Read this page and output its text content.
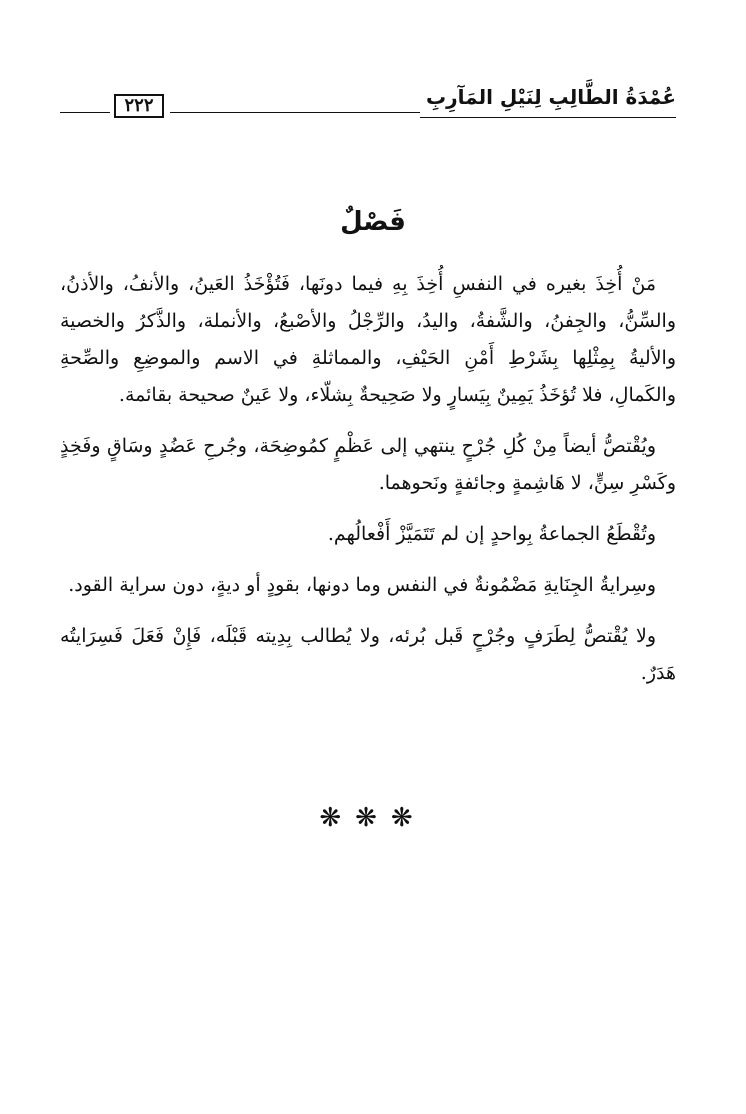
٢٢٢	عُمْدَةُ الطَّالِبِ لِنَيْلِ المَآرِبِ
فَصْلٌ

مَنْ أُخِذَ بغيره في النفسِ أُخِذَ بِهِ فيما دونَها، فَتُؤْخَذُ العَينُ، والأنفُ، والأذنُ، والسِّنُّ، والجِفنُ، والشَّفةُ، واليدُ، والرِّجْلُ والأصْبعُ، والأنملة، والذَّكرُ والخصية والأليةُ بِمِثْلِها بِشَرْطِ أَمْنِ الحَيْفِ، والمماثلةِ في الاسم والموضِعِ والصِّحةِ والكَمالِ، فلا تُؤخَذُ يَمِينٌ بِيَسارٍ ولا صَحِيحةٌ بِشلّاء، ولا عَينٌ صحيحة بقائمة.

ويُقْتصُّ أيضاً مِنْ كُلِ جُرْحٍ ينتهي إلى عَظْمٍ كمُوضِحَة، وجُرحِ عَضُدٍ وسَاقٍ وفَخِذٍ وكَسْرِ سِنٍّ، لا هَاشِمةٍ وجائفةٍ ونَحوهما.

وتُقْطَعُ الجماعةُ بِواحدٍ إن لم تَتَمَيَّزْ أَفْعالُهم.

وسِرايةُ الجِنَايةِ مَضْمُونةٌ في النفس وما دونها، بقودٍ أو ديةٍ، دون سراية القود.

ولا يُقْتصُّ لِطَرَفٍ وجُرْحٍ قَبل بُرئه، ولا يُطالب بِدِيته قَبْلَه، فَإِنْ فَعَلَ فَسِرَايتُه هَدَرٌ.

❋❋❋
